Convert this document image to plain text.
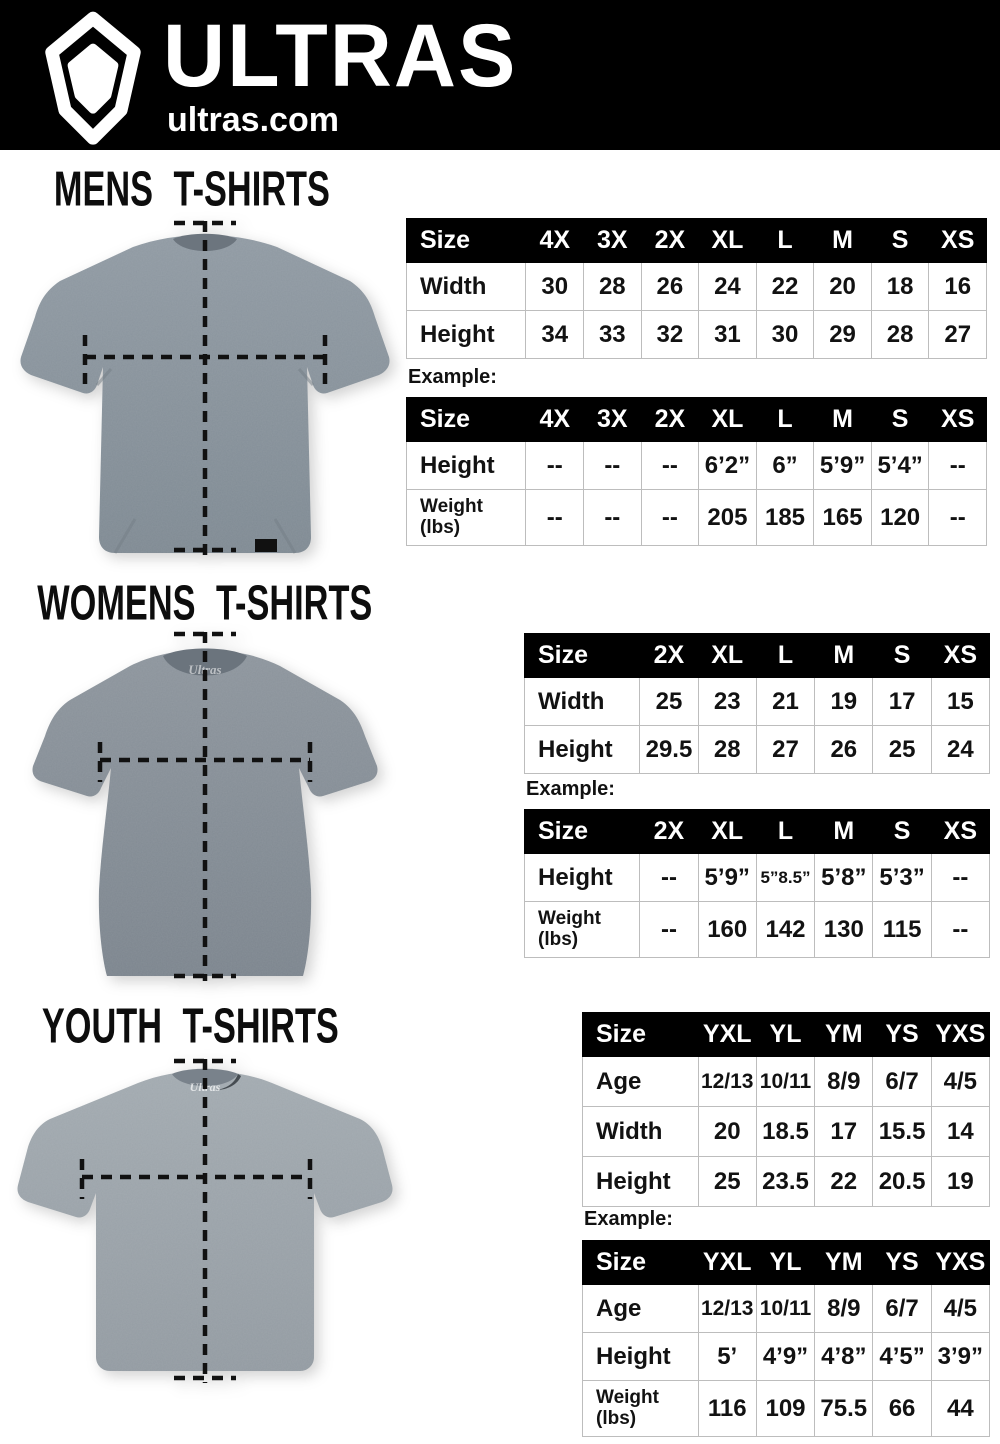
ULTRAS
ultras.com
MENS T-SHIRTS
WOMENS T-SHIRTS
YOUTH T-SHIRTS
Ultras
Ultras
Size	4X	3X	2X	XL	L	M	S	XS
Width	30	28	26	24	22	20	18	16
Height	34	33	32	31	30	29	28	27
Example:
Size	4X	3X	2X	XL	L	M	S	XS
Height	--	--	--	6’2”	6”	5’9”	5’4”	--
Weight (lbs)	--	--	--	205	185	165	120	--
Size	2X	XL	L	M	S	XS
Width	25	23	21	19	17	15
Height	29.5	28	27	26	25	24
Example:
Size	2X	XL	L	M	S	XS
Height	--	5’9”	5”8.5”	5’8”	5’3”	--
Weight (lbs)	--	160	142	130	115	--
Size	YXL	YL	YM	YS	YXS
Age	12/13	10/11	8/9	6/7	4/5
Width	20	18.5	17	15.5	14
Height	25	23.5	22	20.5	19
Example:
Size	YXL	YL	YM	YS	YXS
Age	12/13	10/11	8/9	6/7	4/5
Height	5’	4’9”	4’8”	4’5”	3’9”
Weight (lbs)	116	109	75.5	66	44
